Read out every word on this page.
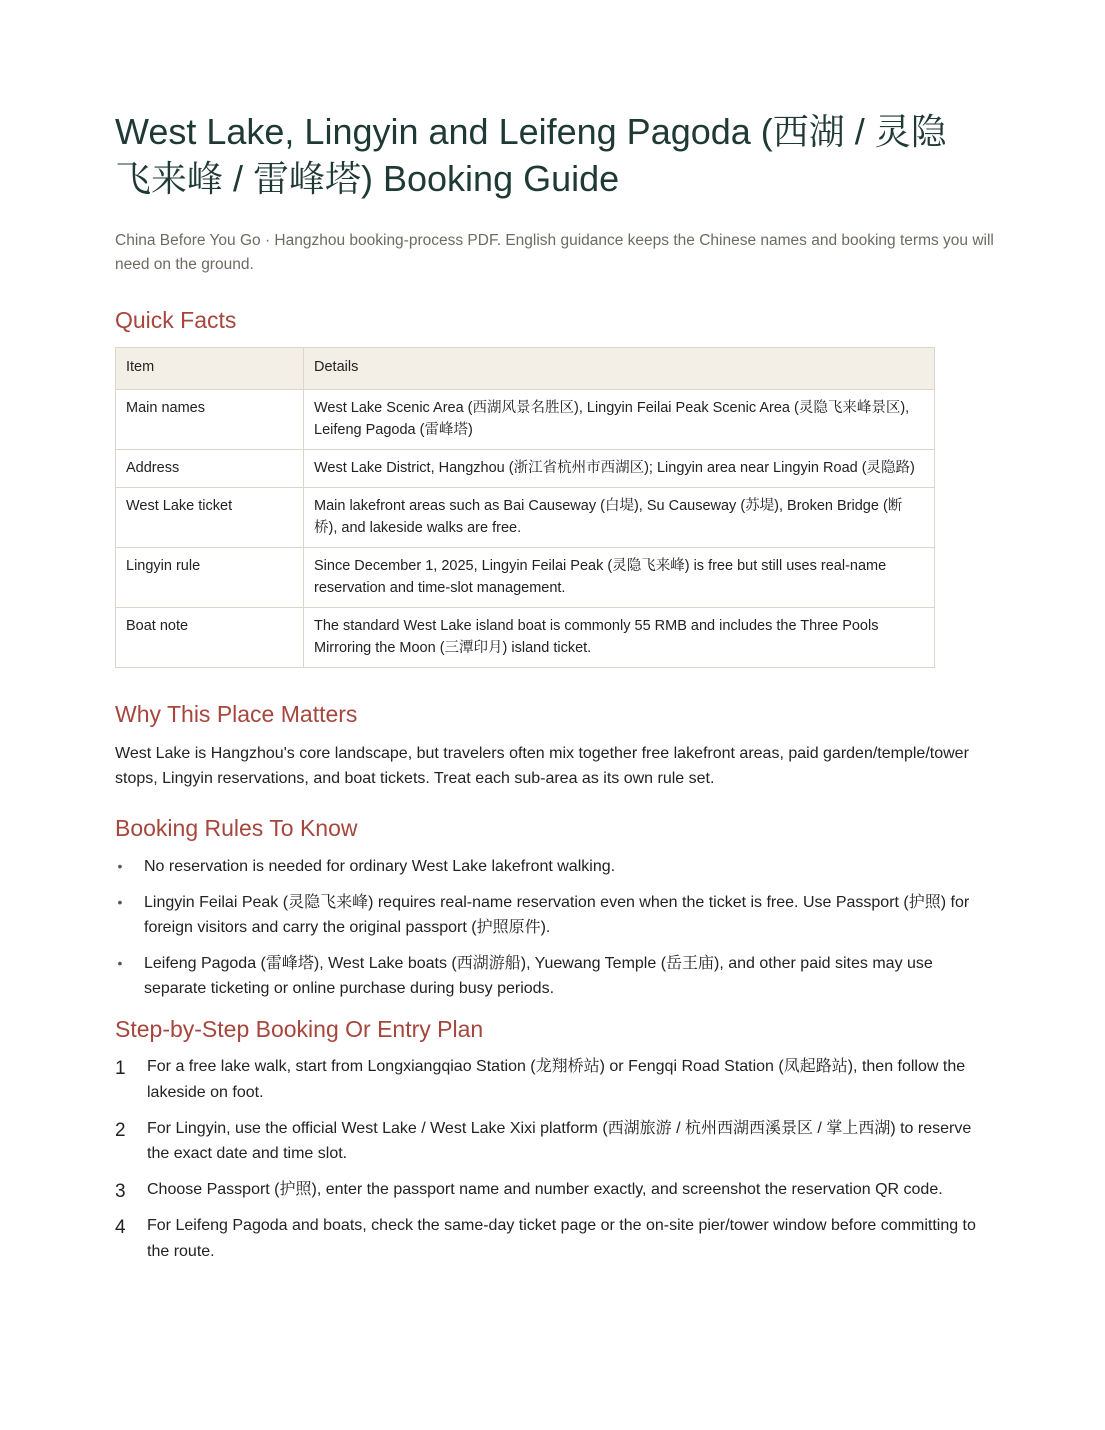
West Lake, Lingyin and Leifeng Pagoda (西湖 / 灵隐飞来峰 / 雷峰塔) Booking Guide
China Before You Go · Hangzhou booking-process PDF. English guidance keeps the Chinese names and booking terms you will need on the ground.
Quick Facts
Item	Details
Main names	West Lake Scenic Area (西湖风景名胜区), Lingyin Feilai Peak Scenic Area (灵隐飞来峰景区), Leifeng Pagoda (雷峰塔)
Address	West Lake District, Hangzhou (浙江省杭州市西湖区); Lingyin area near Lingyin Road (灵隐路)
West Lake ticket	Main lakefront areas such as Bai Causeway (白堤), Su Causeway (苏堤), Broken Bridge (断桥), and lakeside walks are free.
Lingyin rule	Since December 1, 2025, Lingyin Feilai Peak (灵隐飞来峰) is free but still uses real-name reservation and time-slot management.
Boat note	The standard West Lake island boat is commonly 55 RMB and includes the Three Pools Mirroring the Moon (三潭印月) island ticket.
Why This Place Matters

West Lake is Hangzhou's core landscape, but travelers often mix together free lakefront areas, paid garden/temple/tower stops, Lingyin reservations, and boat tickets. Treat each sub-area as its own rule set.

Booking Rules To Know
• No reservation is needed for ordinary West Lake lakefront walking.
• Lingyin Feilai Peak (灵隐飞来峰) requires real-name reservation even when the ticket is free. Use Passport (护照) for foreign visitors and carry the original passport (护照原件).
• Leifeng Pagoda (雷峰塔), West Lake boats (西湖游船), Yuewang Temple (岳王庙), and other paid sites may use separate ticketing or online purchase during busy periods.
Step-by-Step Booking Or Entry Plan
1 For a free lake walk, start from Longxiangqiao Station (龙翔桥站) or Fengqi Road Station (凤起路站), then follow the lakeside on foot.
2 For Lingyin, use the official West Lake / West Lake Xixi platform (西湖旅游 / 杭州西湖西溪景区 / 掌上西湖) to reserve the exact date and time slot.
3 Choose Passport (护照), enter the passport name and number exactly, and screenshot the reservation QR code.
4 For Leifeng Pagoda and boats, check the same-day ticket page or the on-site pier/tower window before committing to the route.
